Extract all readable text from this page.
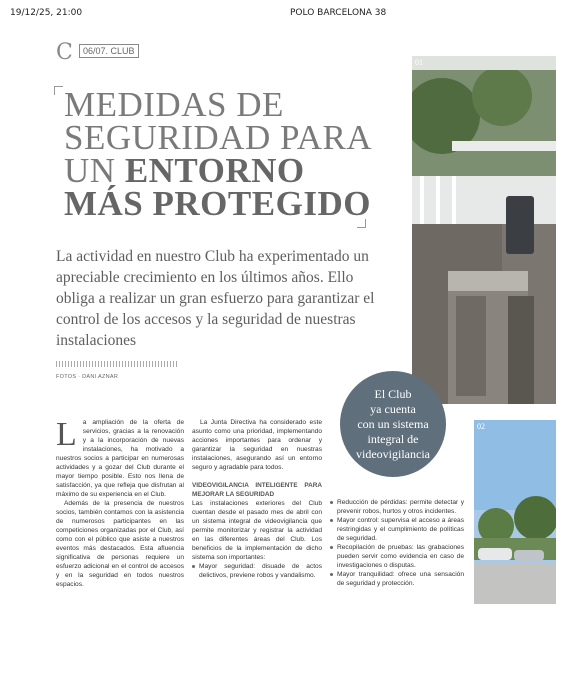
19/12/25, 21:00	POLO BARCELONA 38
C	06/07. CLUB
MEDIDAS DE
SEGURIDAD PARA
UN ENTORNO
MÁS PROTEGIDO
La actividad en nuestro Club ha experimentado un apreciable crecimiento en los últimos años. Ello obliga a realizar un gran esfuerzo para garantizar el control de los accesos y la seguridad de nuestras instalaciones
FOTOS · DANI AZNAR
01
El Club
ya cuenta
con un sistema
integral de
videovigilancia
02
L a ampliación de la oferta de servicios, gracias a la renovación y a la incorporación de nuevas instalaciones, ha motivado a nuestros socios a participar en numerosas actividades y a gozar del Club durante el mayor tiempo posible. Esto nos llena de satisfacción, ya que refleja que disfrutan al máximo de su experiencia en el Club.

Además de la presencia de nuestros socios, también contamos con la asistencia de numerosos participantes en las competiciones organizadas por el Club, así como con el público que asiste a nuestros eventos más destacados. Esta afluencia significativa de personas requiere un esfuerzo adicional en el control de accesos y en la seguridad en todos nuestros espacios.

La Junta Directiva ha considerado este asunto como una prioridad, implementando acciones importantes para ordenar y garantizar la seguridad en nuestras instalaciones, asegurando así un entorno seguro y agradable para todos.

VIDEOVIGILANCIA INTELIGENTE PARA MEJORAR LA SEGURIDAD

Las instalaciones exteriores del Club cuentan desde el pasado mes de abril con un sistema integral de videovigilancia que permite monitorizar y registrar la actividad en las diferentes áreas del Club. Los beneficios de la implementación de dicho sistema son importantes:

Mayor seguridad: disuade de actos delictivos, previene robos y vandalismo.

Reducción de pérdidas: permite detectar y prevenir robos, hurtos y otros incidentes.

Mayor control: supervisa el acceso a áreas restringidas y el cumplimiento de políticas de seguridad.

Recopilación de pruebas: las grabaciones pueden servir como evidencia en caso de investigaciones o disputas.

Mayor tranquilidad: ofrece una sensación de seguridad y protección.
